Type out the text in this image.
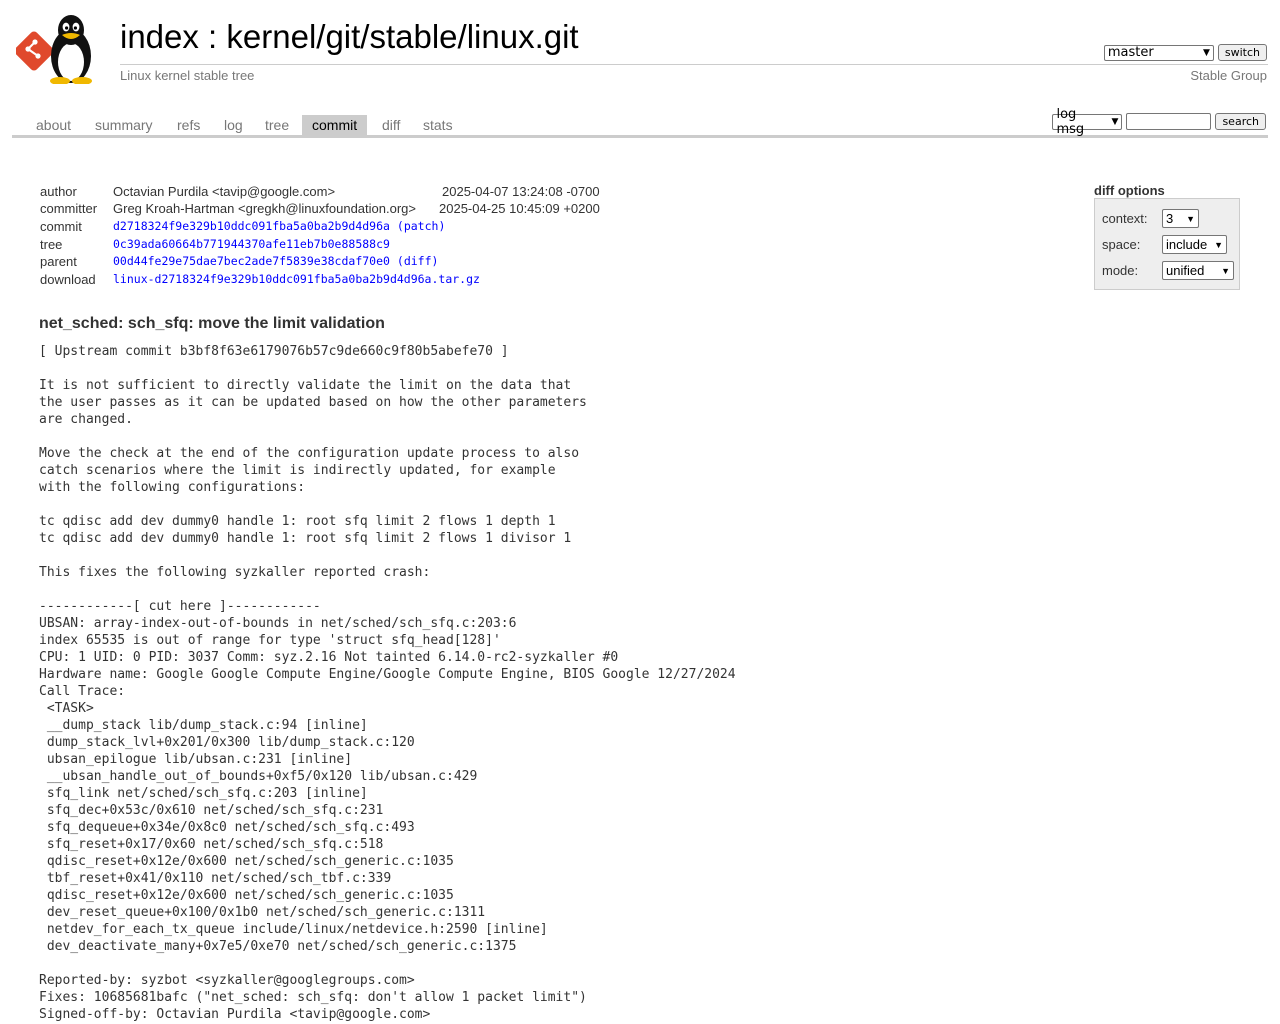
index : kernel/git/stable/linux.git
Linux kernel stable tree	Stable Group
master	▼	switch
about	summary	refs	log	tree	commit	diff	stats
log msg	▼	search
author	Octavian Purdila <tavip@google.com>	2025-04-07 13:24:08 -0700
committer Greg Kroah-Hartman <gregkh@linuxfoundation.org> 2025-04-25 10:45:09 +0200
commit	d2718324f9e329b10ddc091fba5a0ba2b9d4d96a (patch)
tree	0c39ada60664b771944370afe11eb7b0e88588c9
parent	00d44fe29e75dae7bec2ade7f5839e38cdaf70e0 (diff)
download linux-d2718324f9e329b10ddc091fba5a0ba2b9d4d96a.tar.gz
diff options
context: 3 ▼
space: include ▼
mode: unified ▼
net_sched: sch_sfq: move the limit validation
[ Upstream commit b3bf8f63e6179076b57c9de660c9f80b5abefe70 ]

It is not sufficient to directly validate the limit on the data that
the user passes as it can be updated based on how the other parameters
are changed.

Move the check at the end of the configuration update process to also
catch scenarios where the limit is indirectly updated, for example
with the following configurations:

tc qdisc add dev dummy0 handle 1: root sfq limit 2 flows 1 depth 1
tc qdisc add dev dummy0 handle 1: root sfq limit 2 flows 1 divisor 1

This fixes the following syzkaller reported crash:

------------[ cut here ]------------
UBSAN: array-index-out-of-bounds in net/sched/sch_sfq.c:203:6
index 65535 is out of range for type 'struct sfq_head[128]'
CPU: 1 UID: 0 PID: 3037 Comm: syz.2.16 Not tainted 6.14.0-rc2-syzkaller #0
Hardware name: Google Google Compute Engine/Google Compute Engine, BIOS Google 12/27/2024
Call Trace:
<TASK>
__dump_stack lib/dump_stack.c:94 [inline]
dump_stack_lvl+0x201/0x300 lib/dump_stack.c:120
ubsan_epilogue lib/ubsan.c:231 [inline]
__ubsan_handle_out_of_bounds+0xf5/0x120 lib/ubsan.c:429
sfq_link net/sched/sch_sfq.c:203 [inline]
sfq_dec+0x53c/0x610 net/sched/sch_sfq.c:231
sfq_dequeue+0x34e/0x8c0 net/sched/sch_sfq.c:493
sfq_reset+0x17/0x60 net/sched/sch_sfq.c:518
qdisc_reset+0x12e/0x600 net/sched/sch_generic.c:1035
tbf_reset+0x41/0x110 net/sched/sch_tbf.c:339
qdisc_reset+0x12e/0x600 net/sched/sch_generic.c:1035
dev_reset_queue+0x100/0x1b0 net/sched/sch_generic.c:1311
netdev_for_each_tx_queue include/linux/netdevice.h:2590 [inline]
dev_deactivate_many+0x7e5/0xe70 net/sched/sch_generic.c:1375

Reported-by: syzbot <syzkaller@googlegroups.com>
Fixes: 10685681bafc ("net_sched: sch_sfq: don't allow 1 packet limit")
Signed-off-by: Octavian Purdila <tavip@google.com>
